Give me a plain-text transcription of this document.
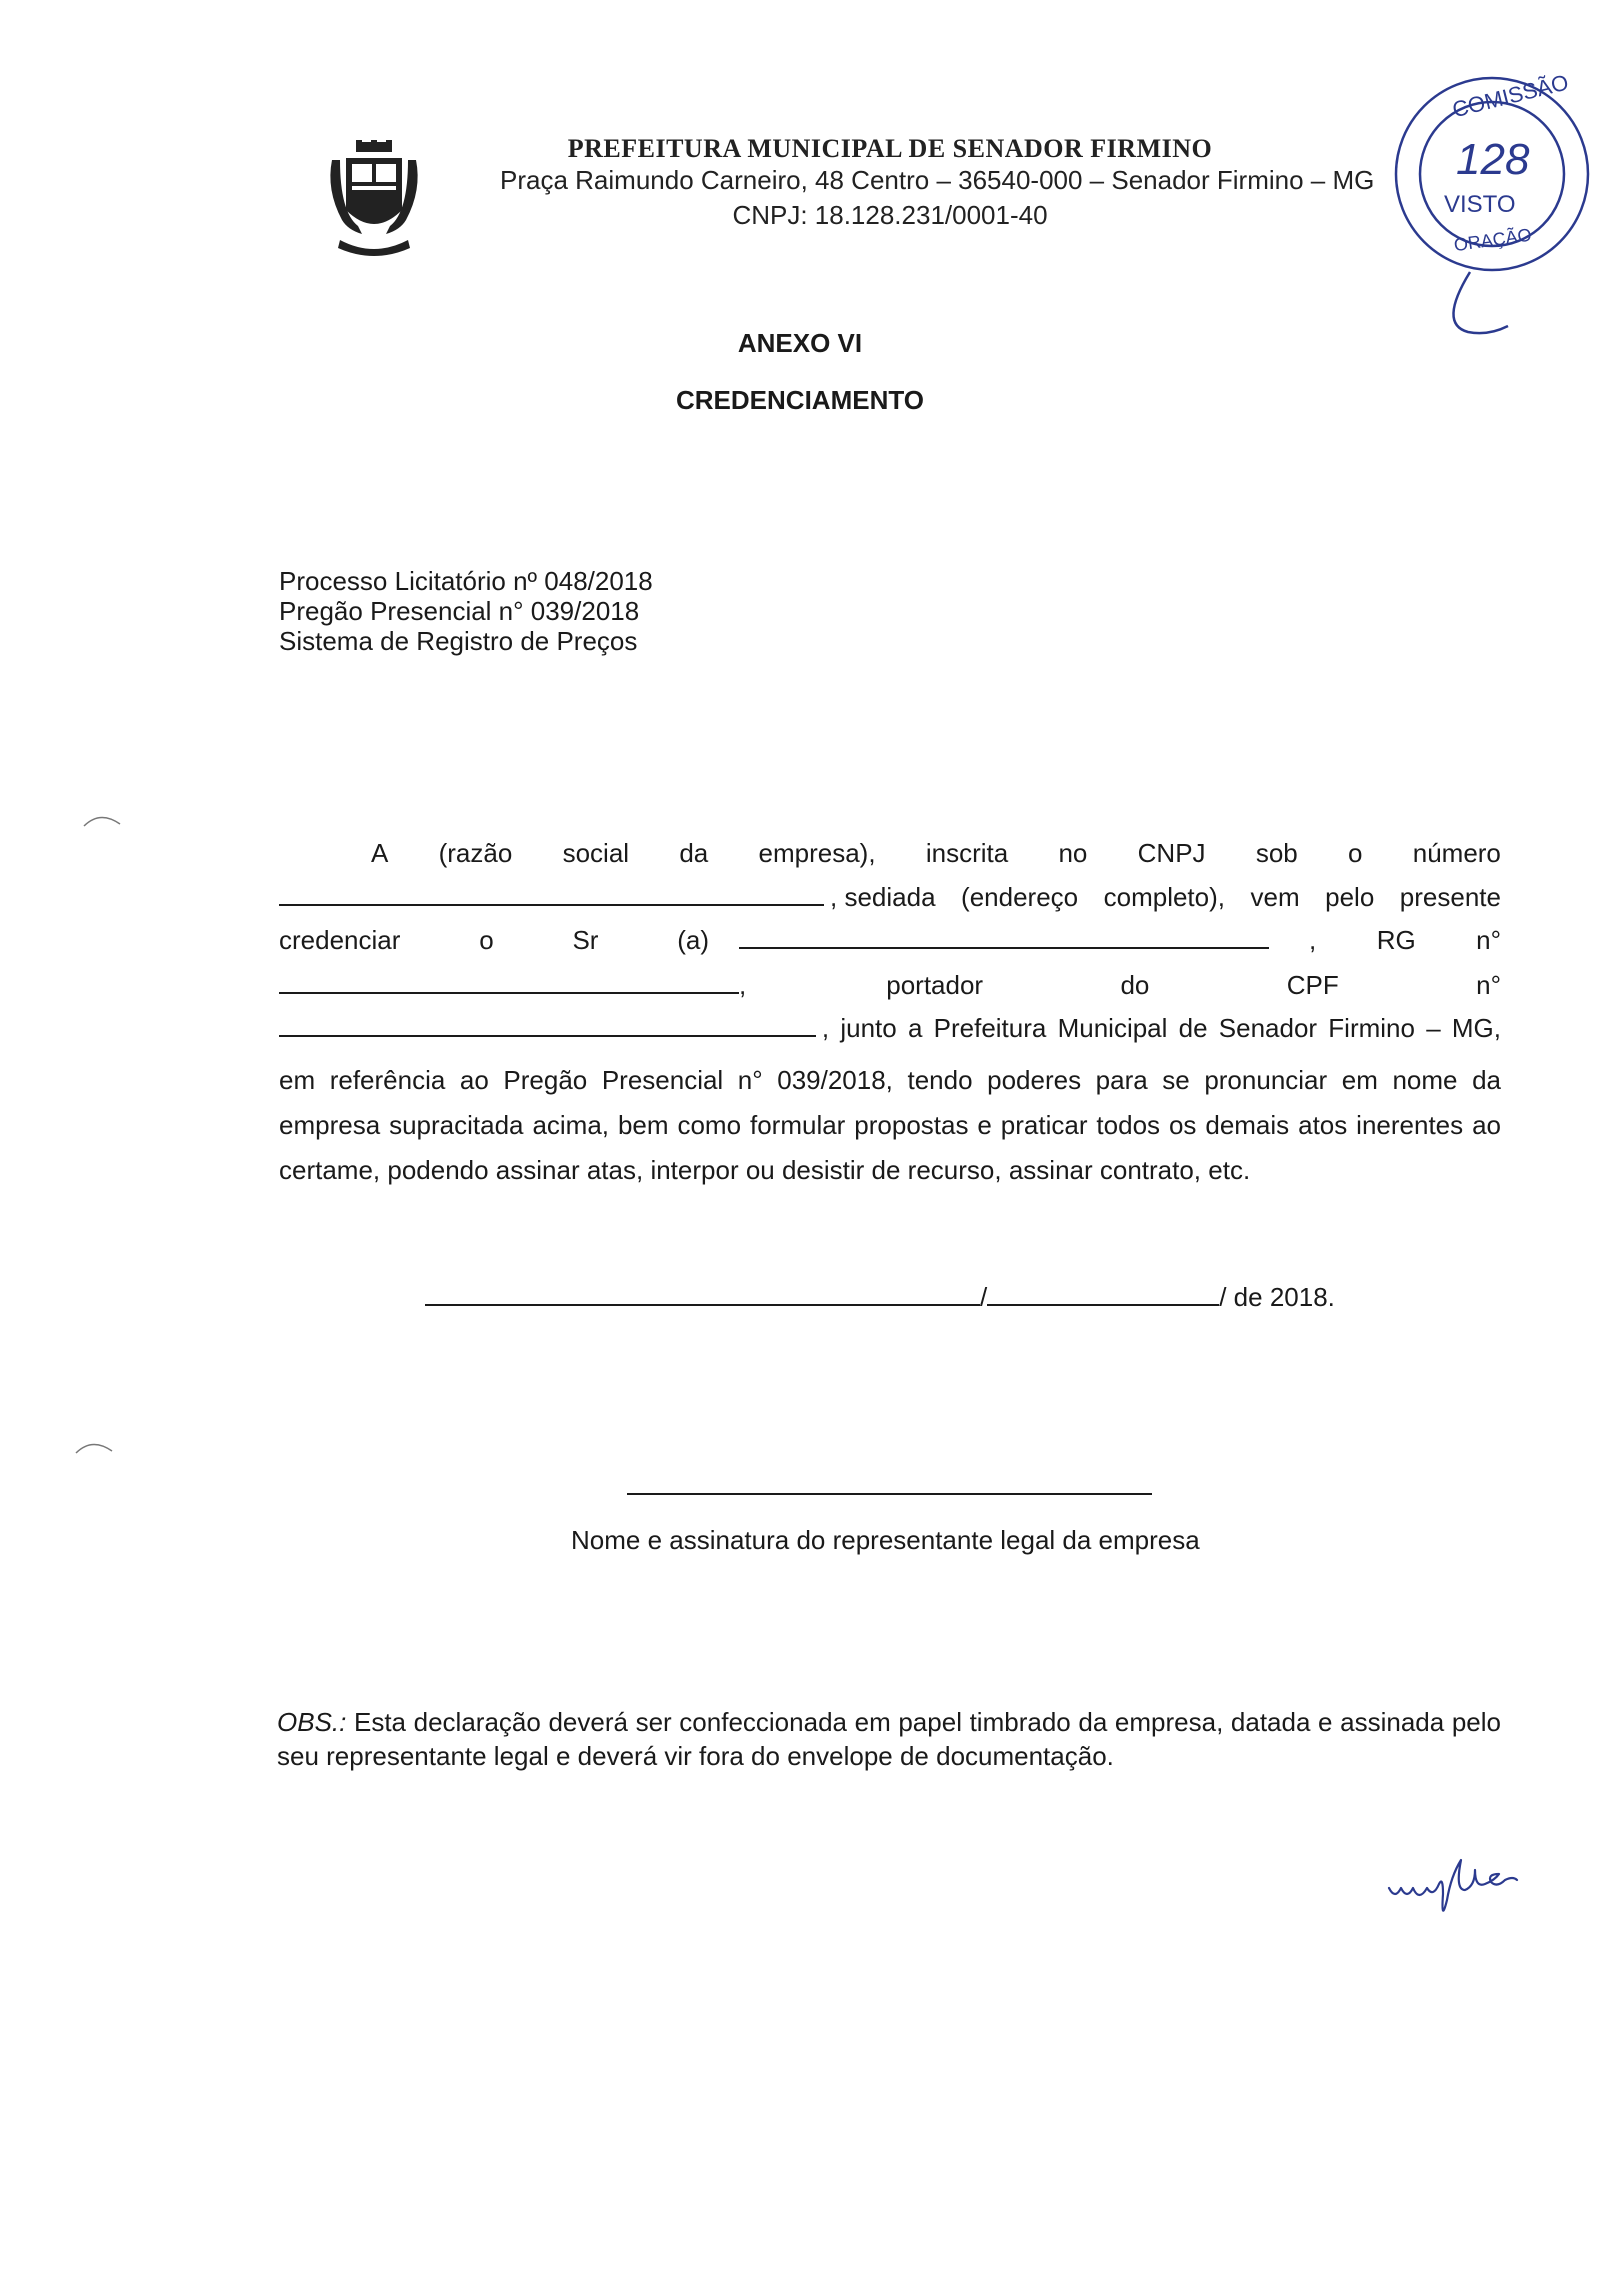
PREFEITURA MUNICIPAL DE SENADOR FIRMINO
Praça Raimundo Carneiro, 48 Centro – 36540-000 – Senador Firmino – MG
CNPJ: 18.128.231/0001-40
COMISSÃO
128
VISTO
ORAÇÃO
ANEXO VI
CREDENCIAMENTO
Processo Licitatório nº 048/2018
Pregão Presencial n° 039/2018
Sistema de Registro de Preços
A (razão social da empresa), inscrita no CNPJ sob o número
, sediada (endereço completo), vem pelo presente
credenciar	o	Sr	(a)	, RG n°
,	portador	do	CPF	n°
, junto a Prefeitura Municipal de Senador Firmino – MG,
em referência ao Pregão Presencial n° 039/2018, tendo poderes para se pronunciar em nome da empresa supracitada acima, bem como formular propostas e praticar todos os demais atos inerentes ao certame, podendo assinar atas, interpor ou desistir de recurso, assinar contrato, etc.
/	/ de 2018.
Nome e assinatura do representante legal da empresa
OBS.: Esta declaração deverá ser confeccionada em papel timbrado da empresa, datada e assinada pelo seu representante legal e deverá vir fora do envelope de documentação.
